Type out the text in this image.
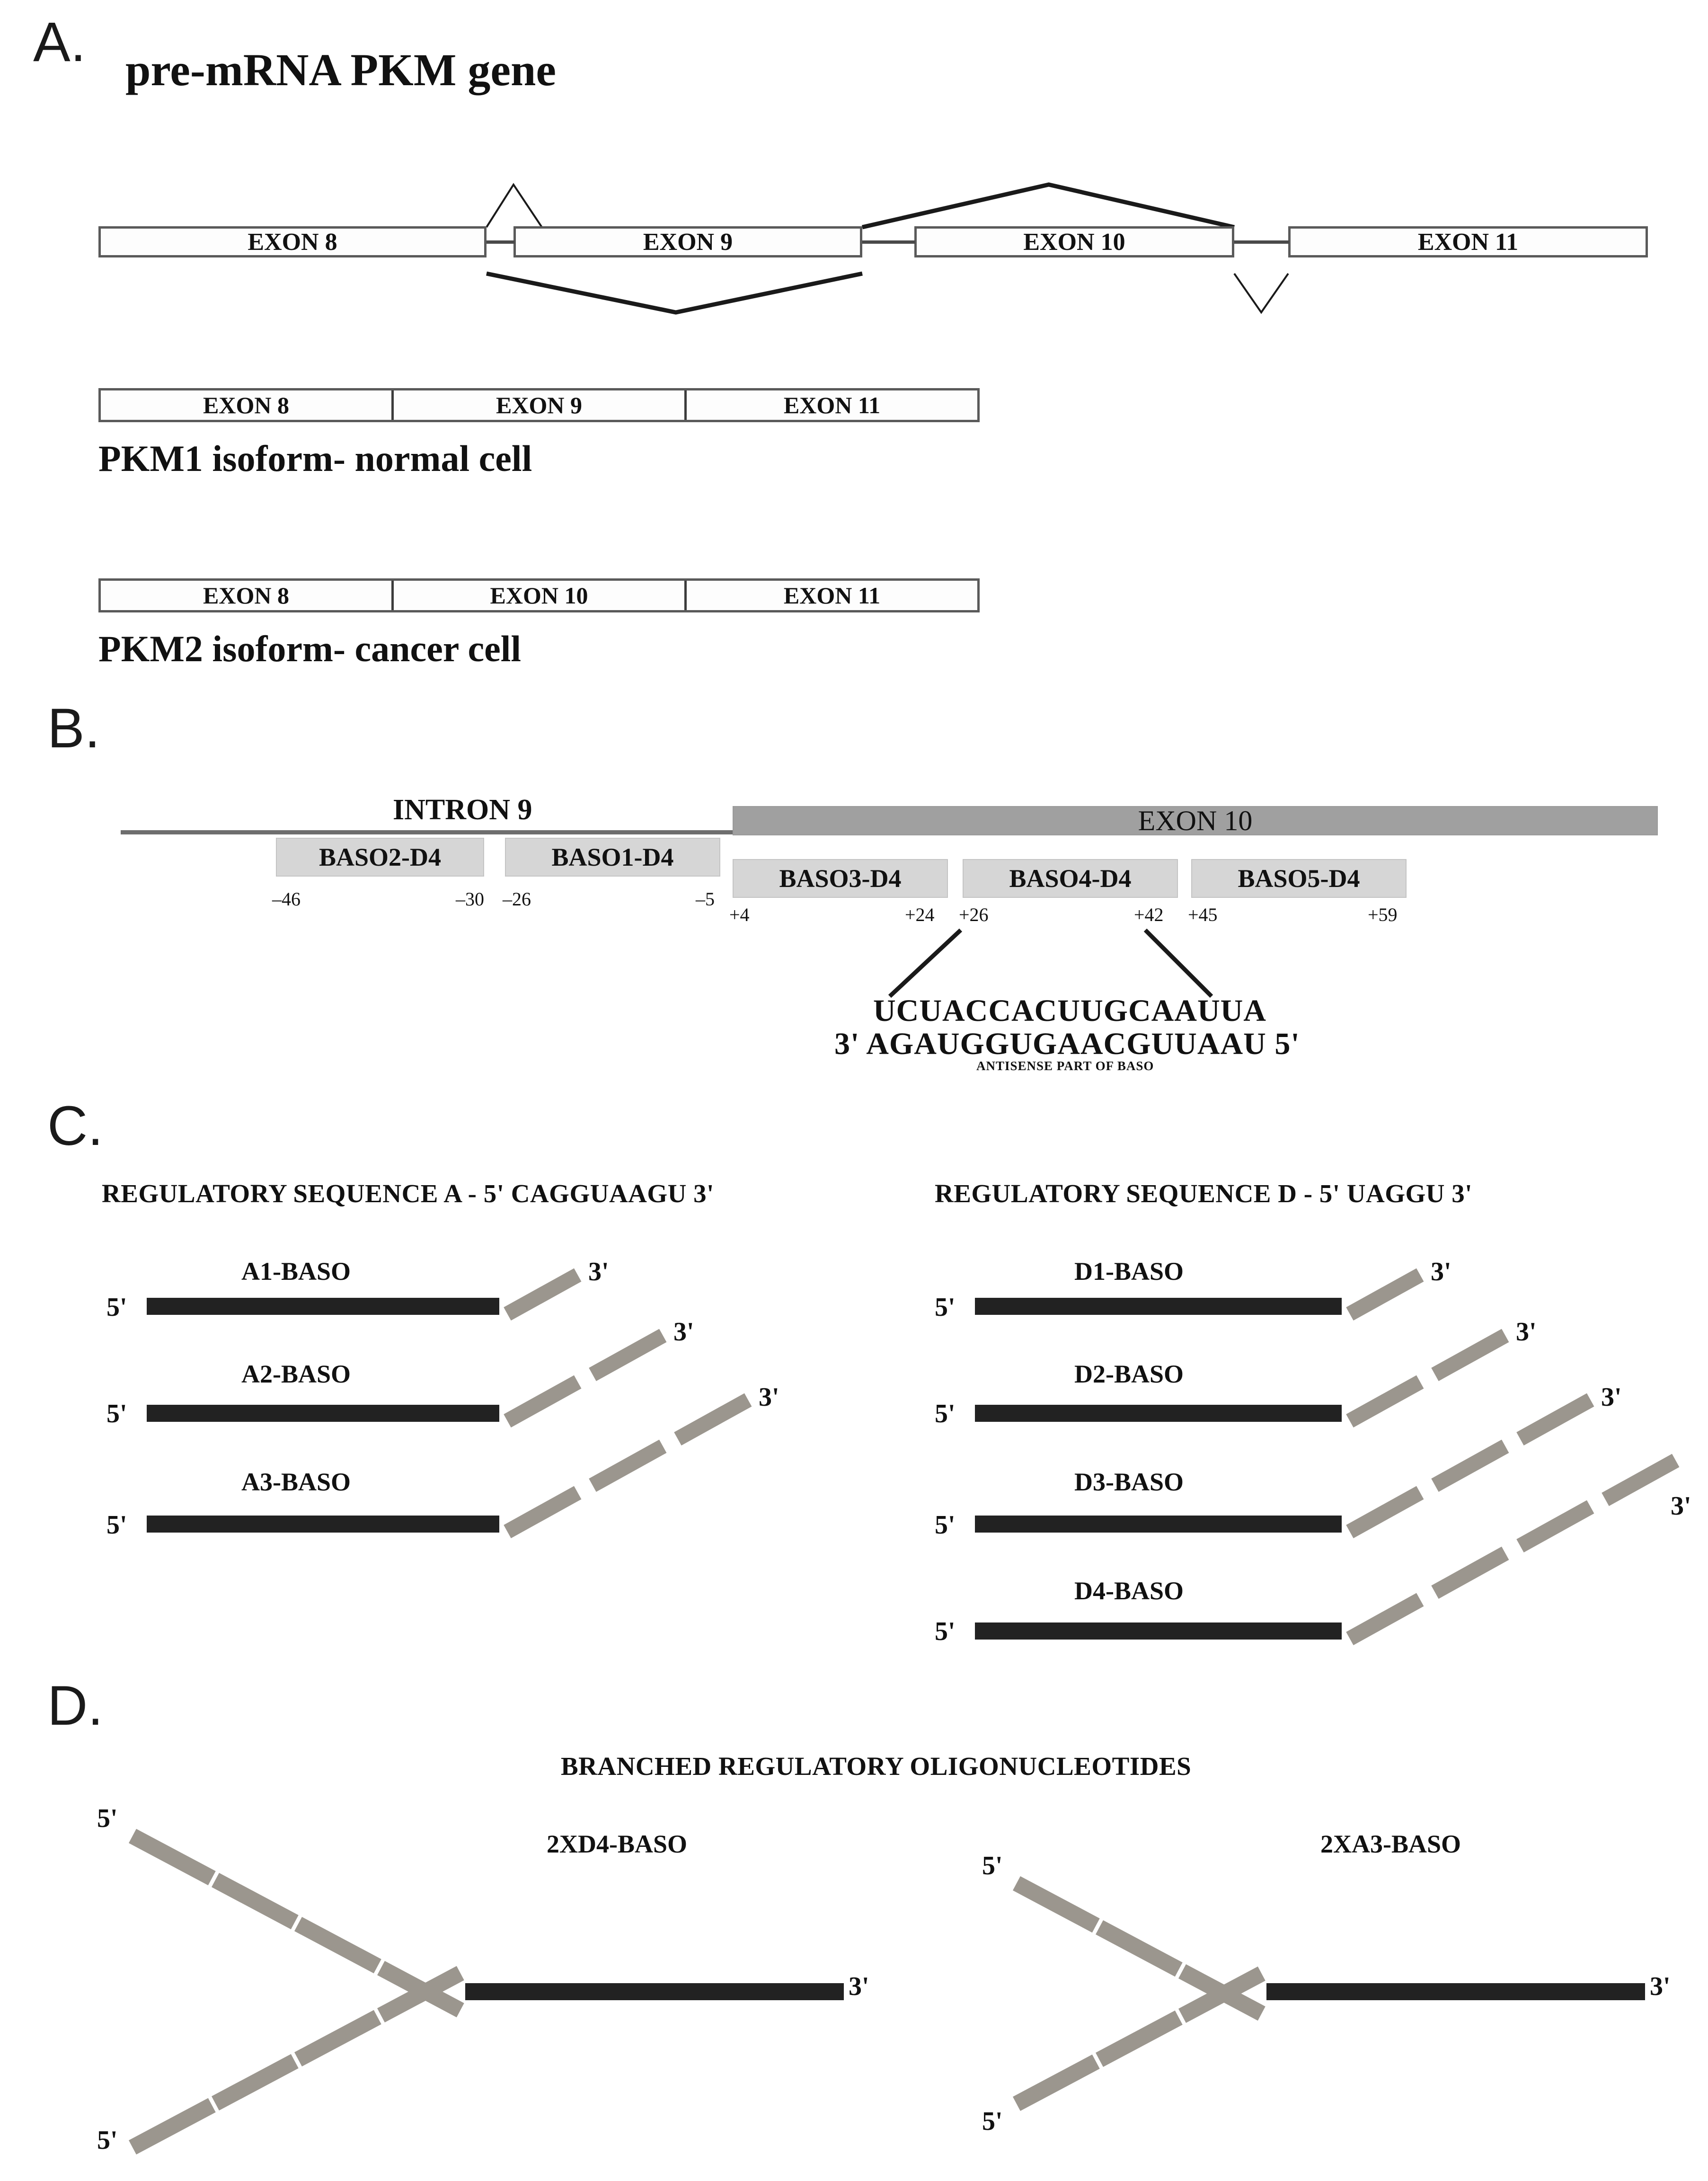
A. pre-mRNA PKM gene
EXON 8	EXON 9	EXON 10	EXON 11
EXON 8	EXON 9	EXON 11
PKM1 isoform- normal cell
EXON 8	EXON 10	EXON 11
PKM2 isoform- cancer cell
B.
INTRON 9	EXON 10
BASO2-D4	BASO1-D4
BASO3-D4	BASO4-D4	BASO5-D4
–46	–30 –26	–5
+4	+24 +26	+42 +45	+59
UCUACCACUUGCAAUUA
3' AGAUGGUGAACGUUAAU 5'
ANTISENSE PART OF BASO
C.
REGULATORY SEQUENCE A - 5' CAGGUAAGU 3'	REGULATORY SEQUENCE D - 5' UAGGU 3'
A1-BASO
5'
3'
A2-BASO
5'
3'
A3-BASO
5'
3'
D1-BASO
5'
3'
D2-BASO
5'
3'
D3-BASO
5'
3'
D4-BASO
5'
3'
D.
BRANCHED REGULATORY OLIGONUCLEOTIDES
2XD4-BASO
5'
5'
3'
2XA3-BASO
5'
5'
3'
